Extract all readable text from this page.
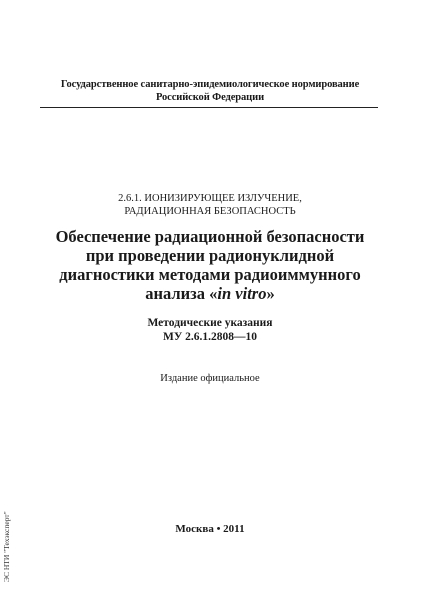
Государственное санитарно-эпидемиологическое нормирование
Российской Федерации
2.6.1. ИОНИЗИРУЮЩЕЕ ИЗЛУЧЕНИЕ,
РАДИАЦИОННАЯ БЕЗОПАСНОСТЬ
Обеспечение радиационной безопасности
при проведении радионуклидной
диагностики методами радиоиммунного
анализа «in vitro»
Методические указания
МУ 2.6.1.2808—10
Издание официальное
Москва • 2011
ЭС НТИ "Техэксперт"
